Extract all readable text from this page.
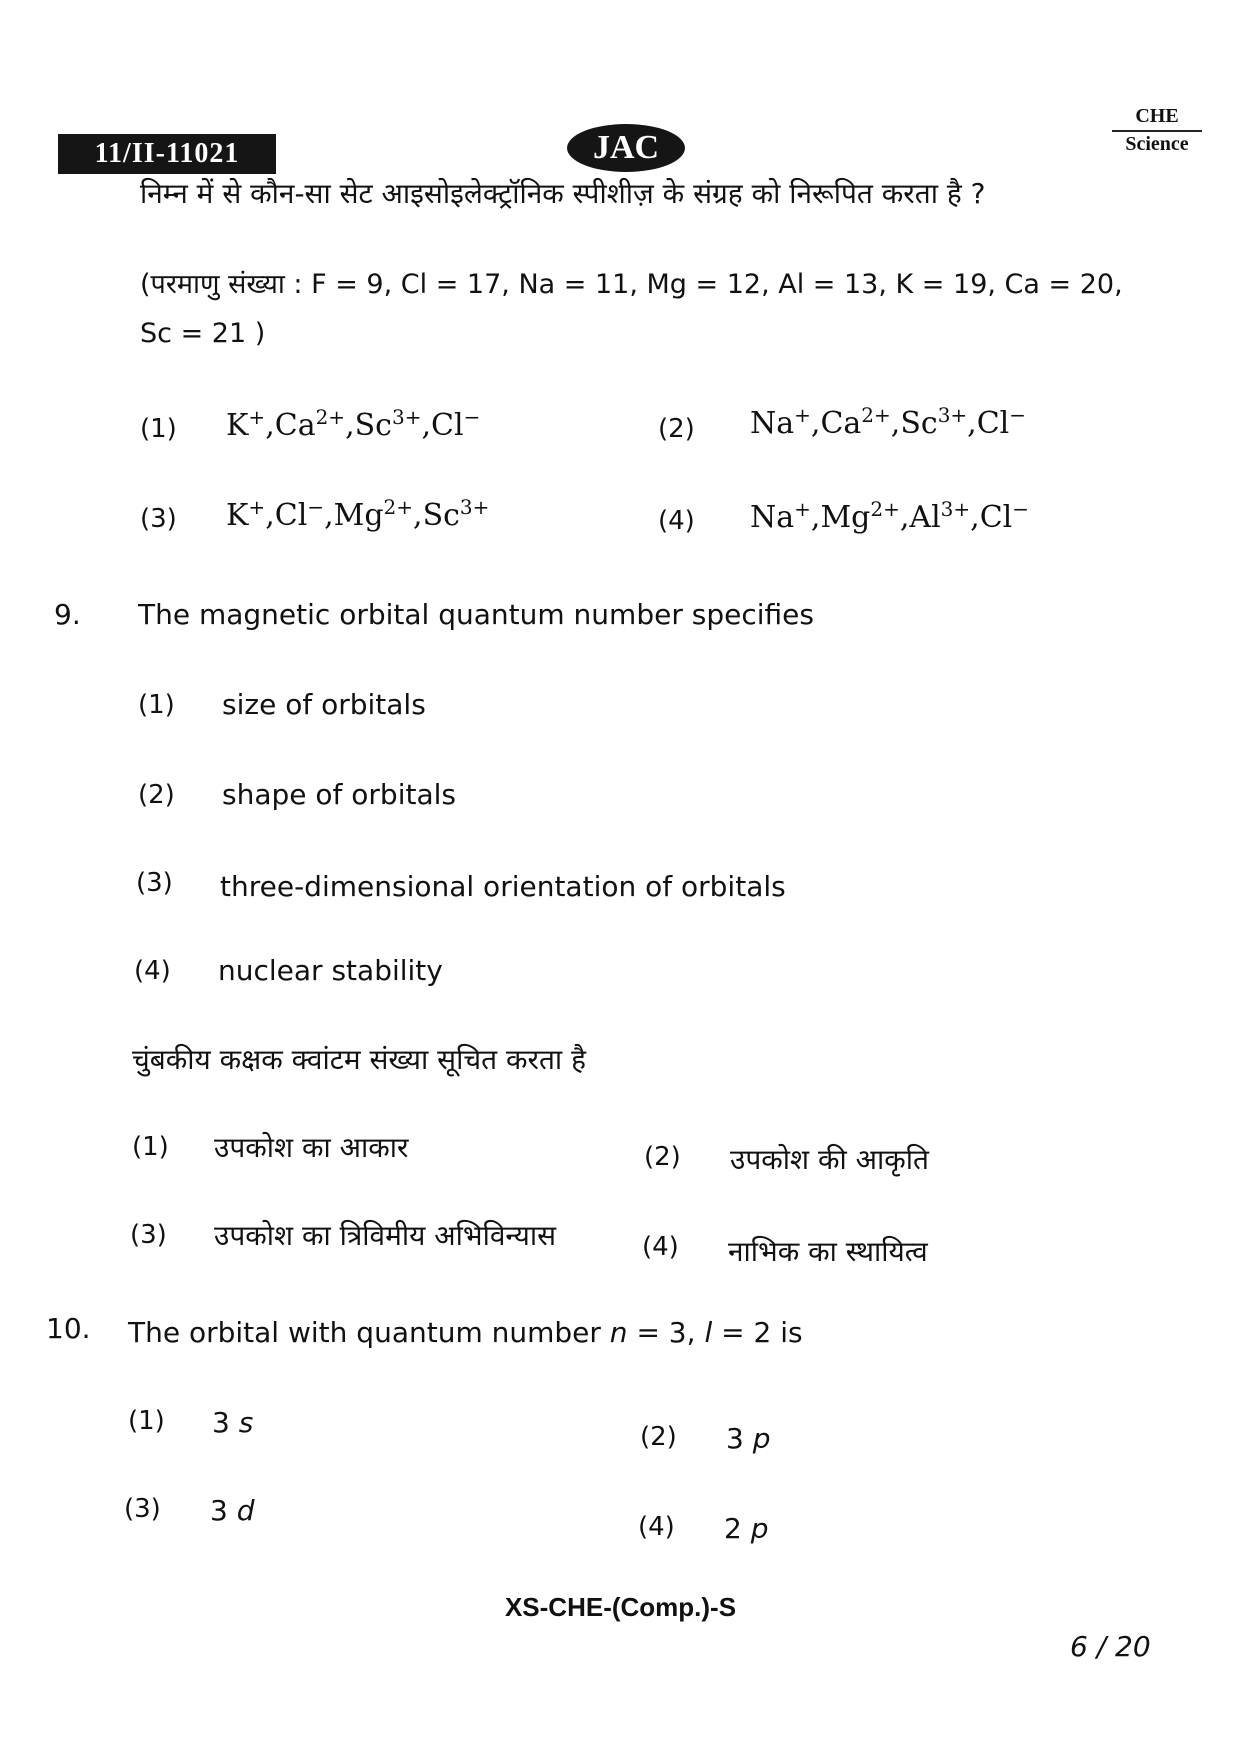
11/II-11021	JAC
CHE
Science
निम्न में से कौन-सा सेट आइसोइलेक्ट्रॉनिक स्पीशीज़ के संग्रह को निरूपित करता है ?
(परमाणु संख्या : F = 9, Cl = 17, Na = 11, Mg = 12, Al = 13, K = 19, Ca = 20,
Sc = 21 )
(1) $K^+,Ca^{2+},Sc^{3+},Cl^-$	(2) $Na^+,Ca^{2+},Sc^{3+},Cl^-$
(3) $K^+,Cl^-,Mg^{2+},Sc^{3+}$	(4) $Na^+,Mg^{2+},Al^{3+},Cl^-$
9. The magnetic orbital quantum number specifies
(1) size of orbitals
(2) shape of orbitals
(3) three-dimensional orientation of orbitals
(4) nuclear stability
चुंबकीय कक्षक क्वांटम संख्या सूचित करता है
(1) उपकोश का आकार	(2) उपकोश की आकृति
(3) उपकोश का त्रिविमीय अभिविन्यास	(4) नाभिक का स्थायित्व
10. The orbital with quantum number n = 3, l = 2 is
(1) 3 s	(2) 3 p
(3) 3 d	(4) 2 p
XS-CHE-(Comp.)-S
6 / 20
